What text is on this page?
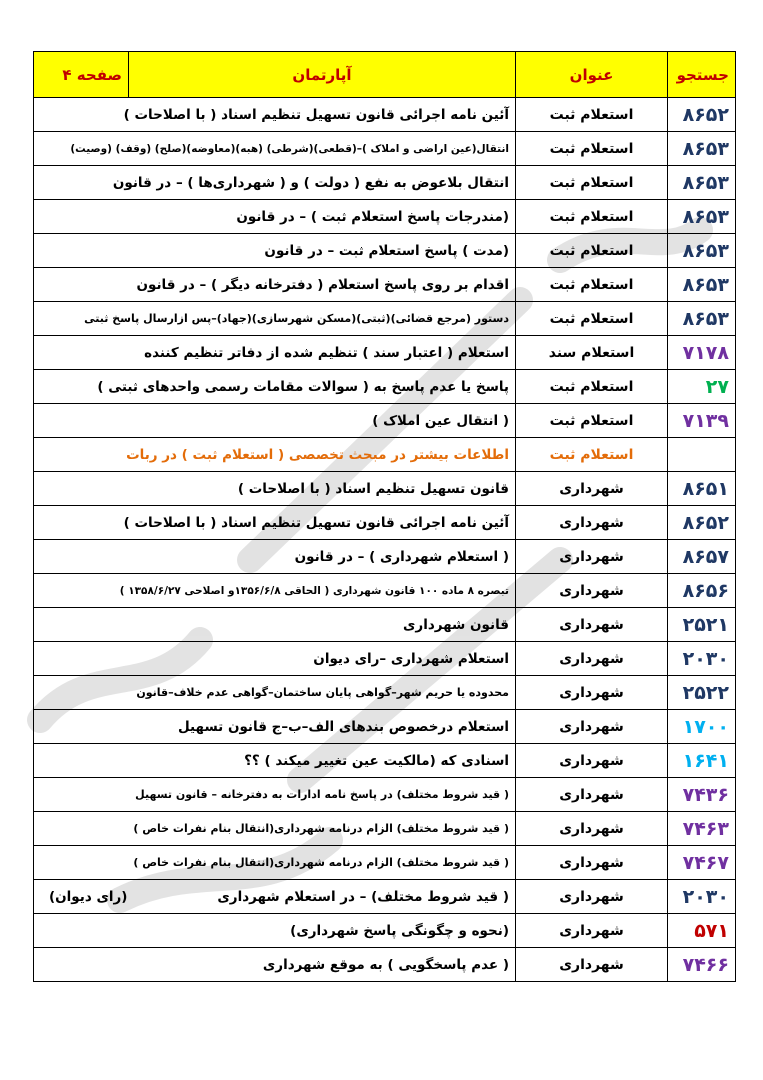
جستجو	عنوان	آپارتمان	صفحه ۴
۸۶۵۲	استعلام ثبت	آئین نامه اجرائی قانون تسهیل تنظیم اسناد ( با اصلاحات )	
۸۶۵۳	استعلام ثبت	انتقال(عین اراضی و املاک )–(قطعی)(شرطی) (هبه)(معاوضه)(صلح) (وقف) (وصیت)	
۸۶۵۳	استعلام ثبت	انتقال بلاعوض به نفع ( دولت ) و ( شهرداری‌ها ) – در قانون	
۸۶۵۳	استعلام ثبت	(مندرجات پاسخ استعلام ثبت ) – در قانون	
۸۶۵۳	استعلام ثبت	(مدت ) پاسخ استعلام ثبت – در قانون	
۸۶۵۳	استعلام ثبت	اقدام بر روی پاسخ استعلام ( دفترخانه دیگر ) – در قانون	
۸۶۵۳	استعلام ثبت	دستور (مرجع قضائی)(ثبتی)(مسکن شهرسازی)(جهاد)–پس ازارسال پاسخ ثبتی	
۷۱۷۸	استعلام سند	استعلام ( اعتبار سند ) تنظیم شده از دفاتر تنظیم کننده	
۲۷	استعلام ثبت	پاسخ یا عدم پاسخ به ( سوالات مقامات رسمی واحدهای ثبتی )	
۷۱۳۹	استعلام ثبت	( انتقال عین املاک )	
	استعلام ثبت	اطلاعات بیشتر در مبحث تخصصی ( استعلام ثبت ) در ربات	
۸۶۵۱	شهرداری	قانون تسهیل تنظیم اسناد ( با اصلاحات )	
۸۶۵۲	شهرداری	آئین نامه اجرائی قانون تسهیل تنظیم اسناد ( با اصلاحات )	
۸۶۵۷	شهرداری	( استعلام شهرداری ) – در قانون	
۸۶۵۶	شهرداری	تبصره ۸ ماده ۱۰۰ قانون شهرداری ( الحاقی ۱۳۵۶/۶/۸و اصلاحی ۱۳۵۸/۶/۲۷ )	
۲۵۲۱	شهرداری	قانون شهرداری	
۲۰۳۰	شهرداری	استعلام شهرداری –رای دیوان	
۲۵۲۲	شهرداری	محدوده یا حریم شهر–گواهی پایان ساختمان–گواهی عدم خلاف–قانون	
۱۷۰۰	شهرداری	استعلام درخصوص بندهای الف–ب–ج قانون تسهیل	
۱۶۴۱	شهرداری	اسنادی که (مالکیت عین تغییر میکند ) ؟؟	
۷۴۳۶	شهرداری	( قید شروط مختلف) در پاسخ نامه ادارات به دفترخانه – قانون تسهیل	
۷۴۶۳	شهرداری	( قید شروط مختلف) الزام درنامه شهرداری(انتقال بنام نفرات خاص )	
۷۴۶۷	شهرداری	( قید شروط مختلف) الزام درنامه شهرداری(انتقال بنام نفرات خاص )	
۲۰۳۰	شهرداری	( قید شروط مختلف) – در استعلام شهرداری(رای دیوان)	
۵۷۱	شهرداری	(نحوه و چگونگی پاسخ شهرداری)	
۷۴۶۶	شهرداری	( عدم پاسخگویی ) به موقع شهرداری	
